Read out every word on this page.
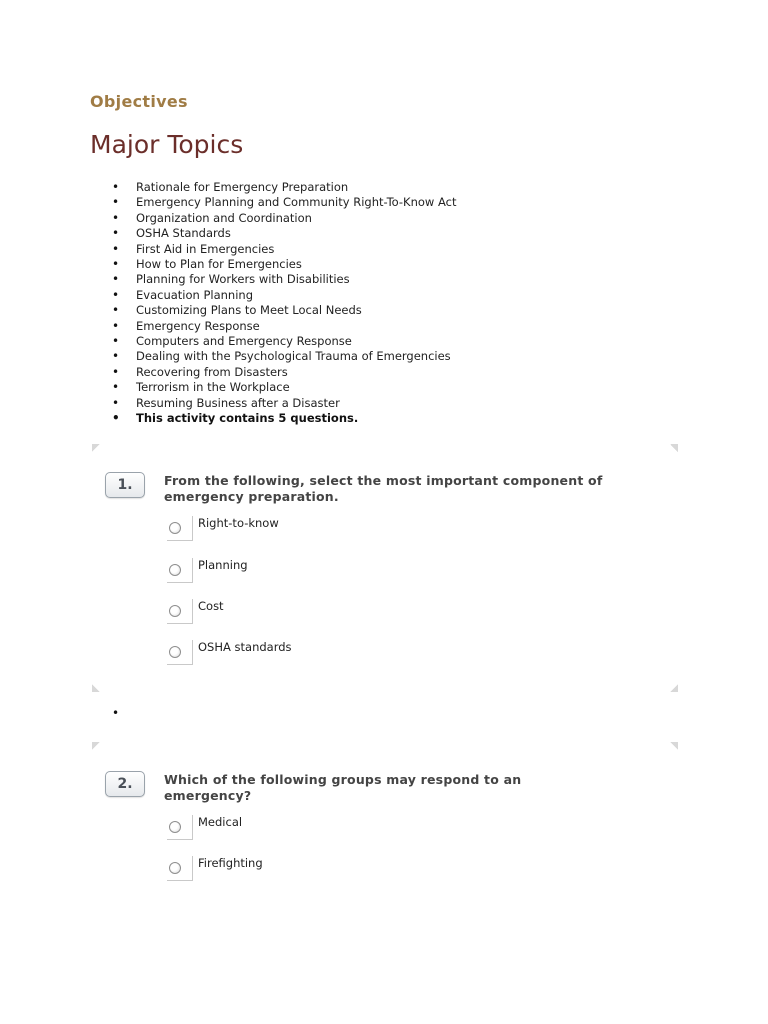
Objectives
Major Topics
• Rationale for Emergency Preparation
• Emergency Planning and Community Right-To-Know Act
• Organization and Coordination
• OSHA Standards
• First Aid in Emergencies
• How to Plan for Emergencies
• Planning for Workers with Disabilities
• Evacuation Planning
• Customizing Plans to Meet Local Needs
• Emergency Response
• Computers and Emergency Response
• Dealing with the Psychological Trauma of Emergencies
• Recovering from Disasters
• Terrorism in the Workplace
• Resuming Business after a Disaster
• This activity contains 5 questions.
1.	From the following, select the most important component of emergency preparation.
Right-to-know
Planning
Cost
OSHA standards
•
2.	Which of the following groups may respond to an emergency?
Medical
Firefighting
